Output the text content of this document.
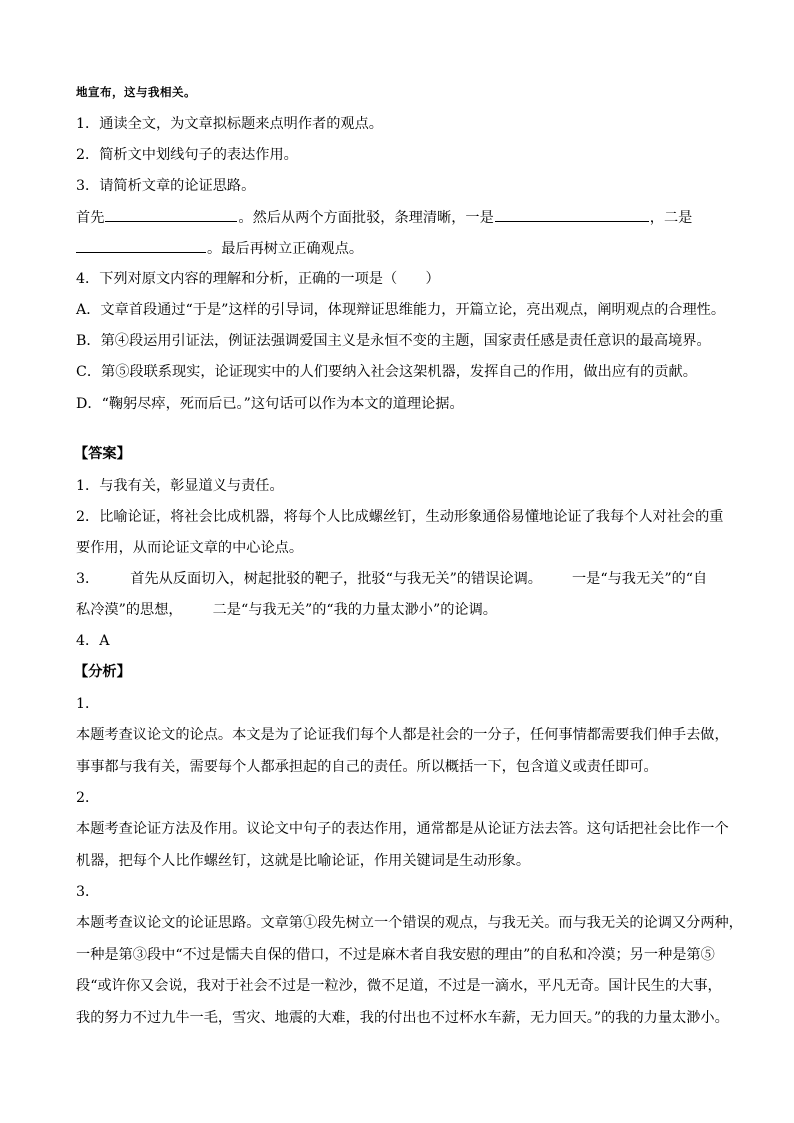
地宣布，这与我相关。
1．通读全文，为文章拟标题来点明作者的观点。
2．简析文中划线句子的表达作用。
3．请简析文章的论证思路。
首先	。然后从两个方面批驳，条理清晰，一是	，二是
。最后再树立正确观点。
4．下列对原文内容的理解和分析，正确的一项是（　　）
A．文章首段通过“于是”这样的引导词，体现辩证思维能力，开篇立论，亮出观点，阐明观点的合理性。
B．第④段运用引证法，例证法强调爱国主义是永恒不变的主题，国家责任感是责任意识的最高境界。
C．第⑤段联系现实，论证现实中的人们要纳入社会这架机器，发挥自己的作用，做出应有的贡献。
D．“鞠躬尽瘁，死而后已。”这句话可以作为本文的道理论据。
【答案】
1．与我有关，彰显道义与责任。
2．比喻论证，将社会比成机器，将每个人比成螺丝钉，生动形象通俗易懂地论证了我每个人对社会的重
要作用，从而论证文章的中心论点。
3． 首先从反面切入，树起批驳的靶子，批驳“与我无关”的错误论调。 一是“与我无关”的“自
私冷漠”的思想， 二是“与我无关”的“我的力量太渺小”的论调。
4．A
【分析】
1．
本题考查议论文的论点。本文是为了论证我们每个人都是社会的一分子，任何事情都需要我们伸手去做，
事事都与我有关，需要每个人都承担起的自己的责任。所以概括一下，包含道义或责任即可。
2．
本题考查论证方法及作用。议论文中句子的表达作用，通常都是从论证方法去答。这句话把社会比作一个
机器，把每个人比作螺丝钉，这就是比喻论证，作用关键词是生动形象。
3．
本题考查议论文的论证思路。文章第①段先树立一个错误的观点，与我无关。而与我无关的论调又分两种，
一种是第③段中“不过是懦夫自保的借口，不过是麻木者自我安慰的理由”的自私和冷漠；另一种是第⑤
段“或许你又会说，我对于社会不过是一粒沙，微不足道，不过是一滴水，平凡无奇。国计民生的大事，
我的努力不过九牛一毛，雪灾、地震的大难，我的付出也不过杯水车薪，无力回天。”的我的力量太渺小。
